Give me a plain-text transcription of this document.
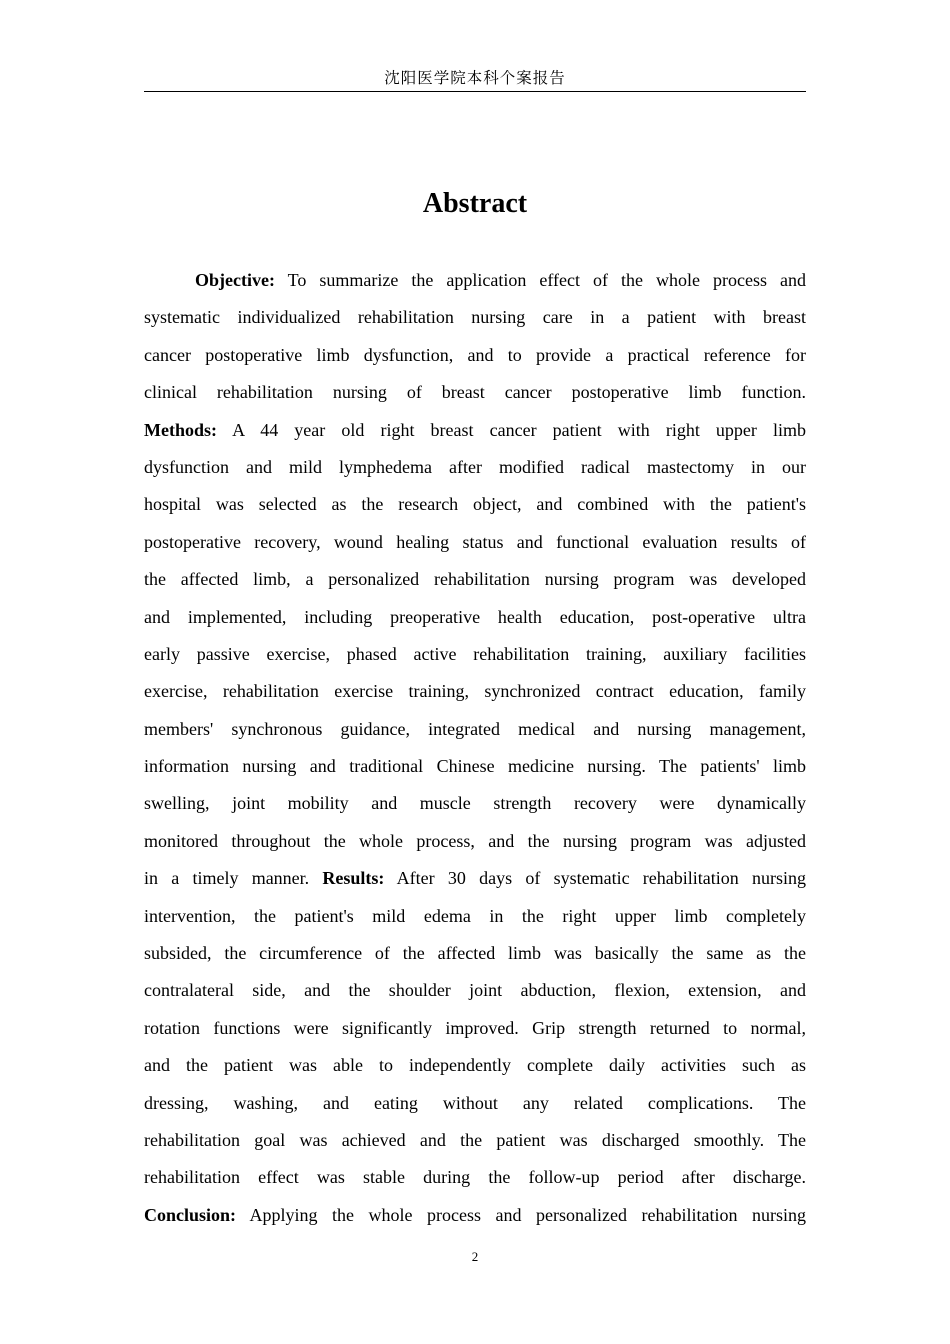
沈阳医学院本科个案报告
Abstract
Objective: To summarize the application effect of the whole process and
systematic individualized rehabilitation nursing care in a patient with breast
cancer postoperative limb dysfunction, and to provide a practical reference for
clinical rehabilitation nursing of breast cancer postoperative limb function.
Methods: A 44 year old right breast cancer patient with right upper limb
dysfunction and mild lymphedema after modified radical mastectomy in our
hospital was selected as the research object, and combined with the patient's
postoperative recovery, wound healing status and functional evaluation results of
the affected limb, a personalized rehabilitation nursing program was developed
and implemented, including preoperative health education, post-operative ultra
early passive exercise, phased active rehabilitation training, auxiliary facilities
exercise, rehabilitation exercise training, synchronized contract education, family
members' synchronous guidance, integrated medical and nursing management,
information nursing and traditional Chinese medicine nursing. The patients' limb
swelling, joint mobility and muscle strength recovery were dynamically
monitored throughout the whole process, and the nursing program was adjusted
in a timely manner. Results: After 30 days of systematic rehabilitation nursing
intervention, the patient's mild edema in the right upper limb completely
subsided, the circumference of the affected limb was basically the same as the
contralateral side, and the shoulder joint abduction, flexion, extension, and
rotation functions were significantly improved. Grip strength returned to normal,
and the patient was able to independently complete daily activities such as
dressing, washing, and eating without any related complications. The
rehabilitation goal was achieved and the patient was discharged smoothly. The
rehabilitation effect was stable during the follow-up period after discharge.
Conclusion: Applying the whole process and personalized rehabilitation nursing
2
